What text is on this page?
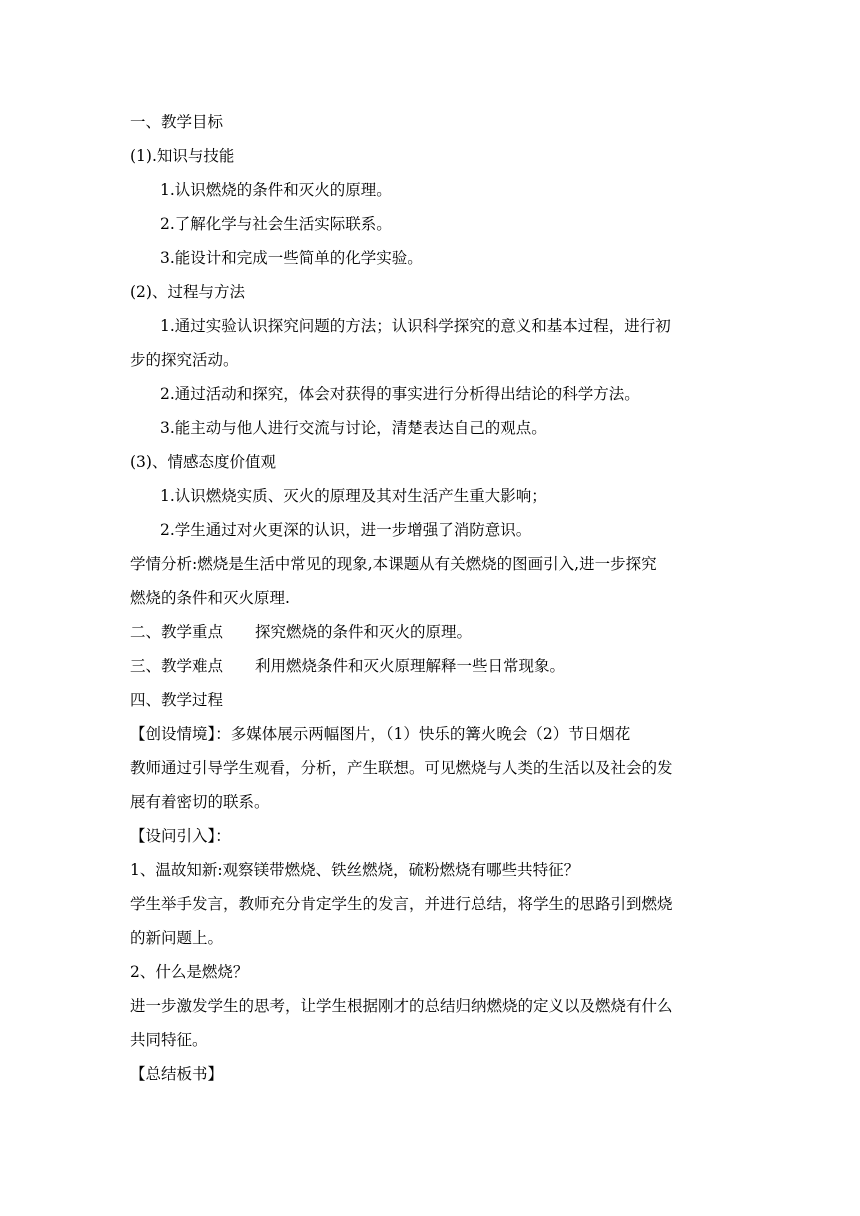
一、教学目标
(1).知识与技能
1.认识燃烧的条件和灭火的原理。
2.了解化学与社会生活实际联系。
3.能设计和完成一些简单的化学实验。
(2)、过程与方法
1.通过实验认识探究问题的方法；认识科学探究的意义和基本过程，进行初
步的探究活动。
2.通过活动和探究，体会对获得的事实进行分析得出结论的科学方法。
3.能主动与他人进行交流与讨论，清楚表达自己的观点。
(3)、情感态度价值观
1.认识燃烧实质、灭火的原理及其对生活产生重大影响；
2.学生通过对火更深的认识，进一步增强了消防意识。
学情分析:燃烧是生活中常见的现象,本课题从有关燃烧的图画引入,进一步探究
燃烧的条件和灭火原理.
二、教学重点 探究燃烧的条件和灭火的原理。
三、教学难点 利用燃烧条件和灭火原理解释一些日常现象。
四、教学过程
【创设情境】：多媒体展示两幅图片，（1）快乐的篝火晚会（2）节日烟花
教师通过引导学生观看，分析，产生联想。可见燃烧与人类的生活以及社会的发
展有着密切的联系。
【设问引入】：
1、温故知新:观察镁带燃烧、铁丝燃烧，硫粉燃烧有哪些共特征？
学生举手发言，教师充分肯定学生的发言，并进行总结，将学生的思路引到燃烧
的新问题上。
2、什么是燃烧？
进一步激发学生的思考，让学生根据刚才的总结归纳燃烧的定义以及燃烧有什么
共同特征。
【总结板书】
